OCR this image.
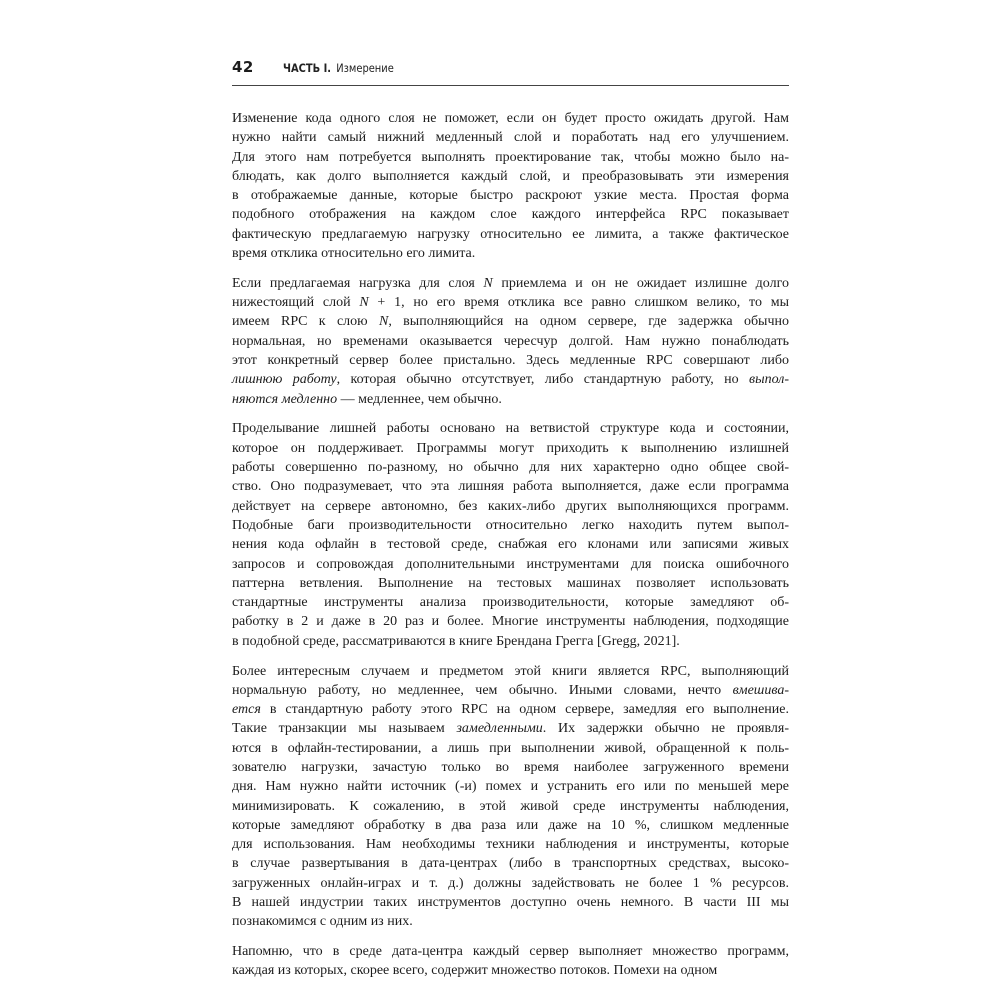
42	ЧАСТЬ I. Измерение

Изменение кода одного слоя не поможет, если он будет просто ожидать другой. Нам
нужно найти самый нижний медленный слой и поработать над его улучшением.
Для этого нам потребуется выполнять проектирование так, чтобы можно было на-
блюдать, как долго выполняется каждый слой, и преобразовывать эти измерения
в отображаемые данные, которые быстро раскроют узкие места. Простая форма
подобного отображения на каждом слое каждого интерфейса RPC показывает
фактическую предлагаемую нагрузку относительно ее лимита, а также фактическое
время отклика относительно его лимита.

Если предлагаемая нагрузка для слоя N приемлема и он не ожидает излишне долго
нижестоящий слой N + 1, но его время отклика все равно слишком велико, то мы
имеем RPC к слою N, выполняющийся на одном сервере, где задержка обычно
нормальная, но временами оказывается чересчур долгой. Нам нужно понаблюдать
этот конкретный сервер более пристально. Здесь медленные RPC совершают либо
лишнюю работу, которая обычно отсутствует, либо стандартную работу, но выпол-
няются медленно — медленнее, чем обычно.

Проделывание лишней работы основано на ветвистой структуре кода и состоянии,
которое он поддерживает. Программы могут приходить к выполнению излишней
работы совершенно по-разному, но обычно для них характерно одно общее свой-
ство. Оно подразумевает, что эта лишняя работа выполняется, даже если программа
действует на сервере автономно, без каких-либо других выполняющихся программ.
Подобные баги производительности относительно легко находить путем выпол-
нения кода офлайн в тестовой среде, снабжая его клонами или записями живых
запросов и сопровождая дополнительными инструментами для поиска ошибочного
паттерна ветвления. Выполнение на тестовых машинах позволяет использовать
стандартные инструменты анализа производительности, которые замедляют об-
работку в 2 и даже в 20 раз и более. Многие инструменты наблюдения, подходящие
в подобной среде, рассматриваются в книге Брендана Грегга [Gregg, 2021].

Более интересным случаем и предметом этой книги является RPC, выполняющий
нормальную работу, но медленнее, чем обычно. Иными словами, нечто вмешива-
ется в стандартную работу этого RPC на одном сервере, замедляя его выполнение.
Такие транзакции мы называем замедленными. Их задержки обычно не проявля-
ются в офлайн-тестировании, а лишь при выполнении живой, обращенной к поль-
зователю нагрузки, зачастую только во время наиболее загруженного времени
дня. Нам нужно найти источник (-и) помех и устранить его или по меньшей мере
минимизировать. К сожалению, в этой живой среде инструменты наблюдения,
которые замедляют обработку в два раза или даже на 10 %, слишком медленные
для использования. Нам необходимы техники наблюдения и инструменты, которые
в случае развертывания в дата-центрах (либо в транспортных средствах, высоко-
загруженных онлайн-играх и т. д.) должны задействовать не более 1 % ресурсов.
В нашей индустрии таких инструментов доступно очень немного. В части III мы
познакомимся с одним из них.

Напомню, что в среде дата-центра каждый сервер выполняет множество программ,
каждая из которых, скорее всего, содержит множество потоков. Помехи на одном
